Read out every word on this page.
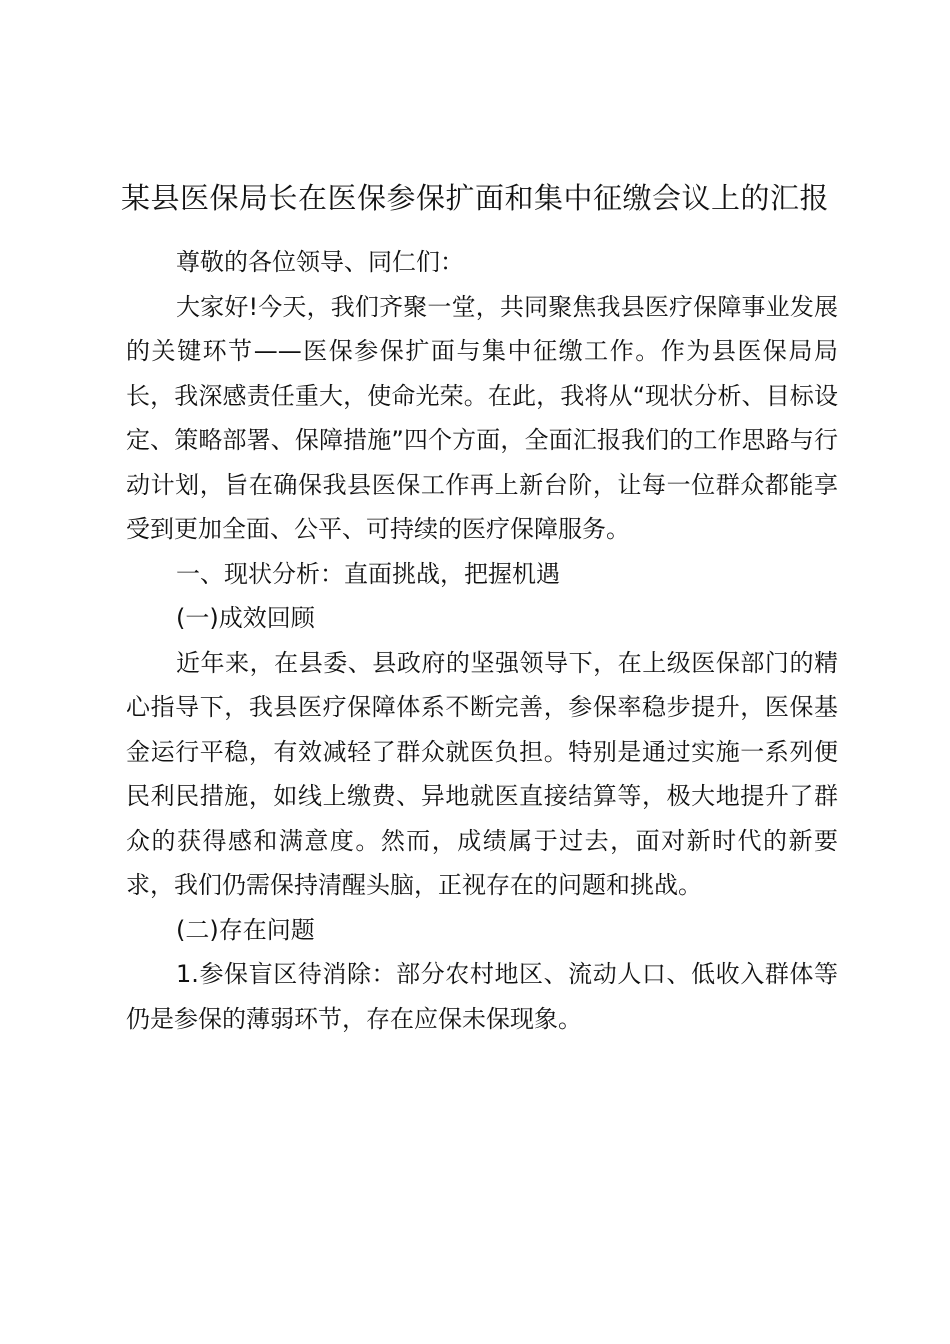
某县医保局长在医保参保扩面和集中征缴会议上的汇报

尊敬的各位领导、同仁们：

大家好!今天，我们齐聚一堂，共同聚焦我县医疗保障事业发展的关键环节——医保参保扩面与集中征缴工作。作为县医保局局长，我深感责任重大，使命光荣。在此，我将从“现状分析、目标设定、策略部署、保障措施”四个方面，全面汇报我们的工作思路与行动计划，旨在确保我县医保工作再上新台阶，让每一位群众都能享受到更加全面、公平、可持续的医疗保障服务。

一、现状分析：直面挑战，把握机遇

(一)成效回顾

近年来，在县委、县政府的坚强领导下，在上级医保部门的精心指导下，我县医疗保障体系不断完善，参保率稳步提升，医保基金运行平稳，有效减轻了群众就医负担。特别是通过实施一系列便民利民措施，如线上缴费、异地就医直接结算等，极大地提升了群众的获得感和满意度。然而，成绩属于过去，面对新时代的新要求，我们仍需保持清醒头脑，正视存在的问题和挑战。

(二)存在问题

1.参保盲区待消除：部分农村地区、流动人口、低收入群体等仍是参保的薄弱环节，存在应保未保现象。
